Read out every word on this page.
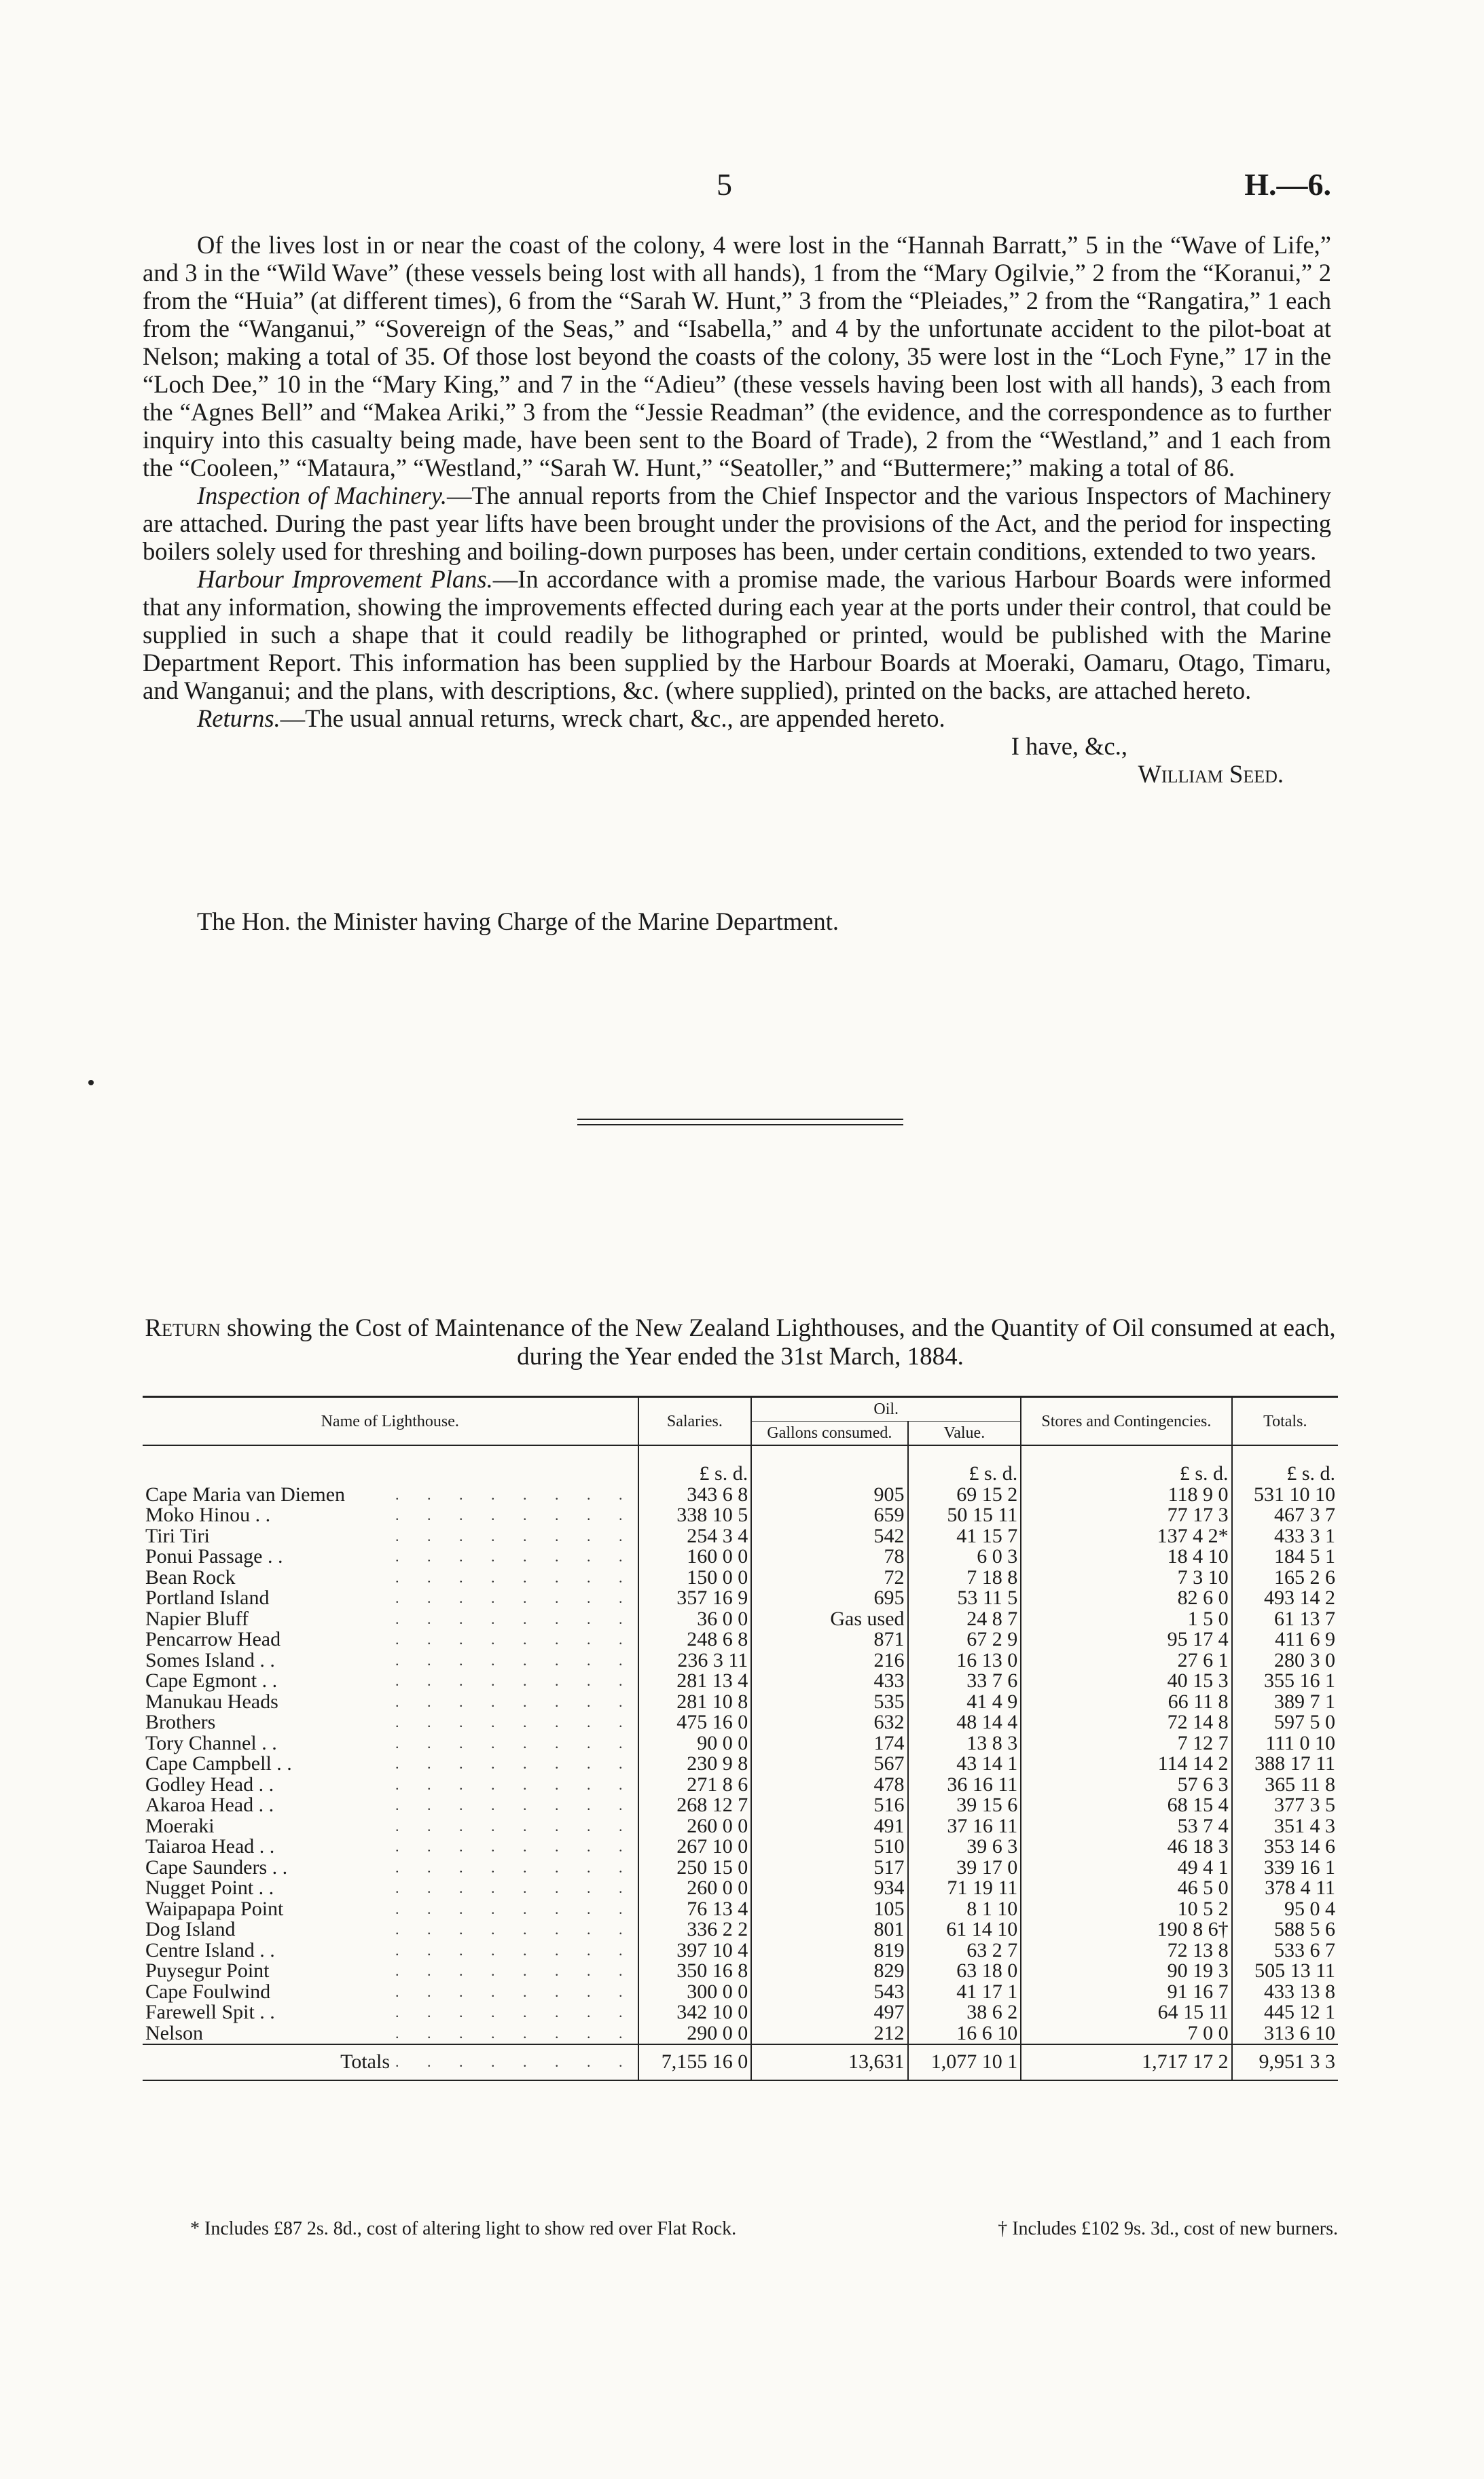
5	H.—6.

Of the lives lost in or near the coast of the colony, 4 were lost in the “Hannah Barratt,” 5 in the “Wave of Life,” and 3 in the “Wild Wave” (these vessels being lost with all hands), 1 from the “Mary Ogilvie,” 2 from the “Koranui,” 2 from the “Huia” (at different times), 6 from the “Sarah W. Hunt,” 3 from the “Pleiades,” 2 from the “Rangatira,” 1 each from the “Wanganui,” “Sovereign of the Seas,” and “Isabella,” and 4 by the unfortunate accident to the pilot-boat at Nelson; making a total of 35. Of those lost beyond the coasts of the colony, 35 were lost in the “Loch Fyne,” 17 in the “Loch Dee,” 10 in the “Mary King,” and 7 in the “Adieu” (these vessels having been lost with all hands), 3 each from the “Agnes Bell” and “Makea Ariki,” 3 from the “Jessie Readman” (the evidence, and the correspondence as to further inquiry into this casualty being made, have been sent to the Board of Trade), 2 from the “Westland,” and 1 each from the “Cooleen,” “Mataura,” “Westland,” “Sarah W. Hunt,” “Seatoller,” and “Buttermere;” making a total of 86.

Inspection of Machinery.—The annual reports from the Chief Inspector and the various Inspectors of Machinery are attached. During the past year lifts have been brought under the provisions of the Act, and the period for inspecting boilers solely used for threshing and boiling-down purposes has been, under certain conditions, extended to two years.

Harbour Improvement Plans.—In accordance with a promise made, the various Harbour Boards were informed that any information, showing the improvements effected during each year at the ports under their control, that could be supplied in such a shape that it could readily be lithographed or printed, would be published with the Marine Department Report. This information has been supplied by the Harbour Boards at Moeraki, Oamaru, Otago, Timaru, and Wanganui; and the plans, with descriptions, &c. (where supplied), printed on the backs, are attached hereto.

Returns.—The usual annual returns, wreck chart, &c., are appended hereto.

I have, &c.,

William Seed.

The Hon. the Minister having Charge of the Marine Department.
Return showing the Cost of Maintenance of the New Zealand Lighthouses, and the Quantity of Oil consumed at each, during the Year ended the 31st March, 1884.
Name of Lighthouse.		Salaries.	Oil.		Stores and Contingencies.	Totals.
			Gallons consumed.	Value.		
		£ s. d.		£ s. d.	£ s. d.	£ s. d.
Cape Maria van Diemen	. . . . . . . .	343 6 8	905	69 15 2	118 9 0	531 10 10
Moko Hinou . .	. . . . . . . .	338 10 5	659	50 15 11	77 17 3	467 3 7
Tiri Tiri	. . . . . . . .	254 3 4	542	41 15 7	137 4 2*	433 3 1
Ponui Passage . .	. . . . . . . .	160 0 0	78	6 0 3	18 4 10	184 5 1
Bean Rock	. . . . . . . .	150 0 0	72	7 18 8	7 3 10	165 2 6
Portland Island	. . . . . . . .	357 16 9	695	53 11 5	82 6 0	493 14 2
Napier Bluff	. . . . . . . .	36 0 0	Gas used	24 8 7	1 5 0	61 13 7
Pencarrow Head	. . . . . . . .	248 6 8	871	67 2 9	95 17 4	411 6 9
Somes Island . .	. . . . . . . .	236 3 11	216	16 13 0	27 6 1	280 3 0
Cape Egmont . .	. . . . . . . .	281 13 4	433	33 7 6	40 15 3	355 16 1
Manukau Heads	. . . . . . . .	281 10 8	535	41 4 9	66 11 8	389 7 1
Brothers	. . . . . . . .	475 16 0	632	48 14 4	72 14 8	597 5 0
Tory Channel . .	. . . . . . . .	90 0 0	174	13 8 3	7 12 7	111 0 10
Cape Campbell . .	. . . . . . . .	230 9 8	567	43 14 1	114 14 2	388 17 11
Godley Head . .	. . . . . . . .	271 8 6	478	36 16 11	57 6 3	365 11 8
Akaroa Head . .	. . . . . . . .	268 12 7	516	39 15 6	68 15 4	377 3 5
Moeraki	. . . . . . . .	260 0 0	491	37 16 11	53 7 4	351 4 3
Taiaroa Head . .	. . . . . . . .	267 10 0	510	39 6 3	46 18 3	353 14 6
Cape Saunders . .	. . . . . . . .	250 15 0	517	39 17 0	49 4 1	339 16 1
Nugget Point . .	. . . . . . . .	260 0 0	934	71 19 11	46 5 0	378 4 11
Waipapapa Point	. . . . . . . .	76 13 4	105	8 1 10	10 5 2	95 0 4
Dog Island	. . . . . . . .	336 2 2	801	61 14 10	190 8 6†	588 5 6
Centre Island . .	. . . . . . . .	397 10 4	819	63 2 7	72 13 8	533 6 7
Puysegur Point	. . . . . . . .	350 16 8	829	63 18 0	90 19 3	505 13 11
Cape Foulwind	. . . . . . . .	300 0 0	543	41 17 1	91 16 7	433 13 8
Farewell Spit . .	. . . . . . . .	342 10 0	497	38 6 2	64 15 11	445 12 1
Nelson	. . . . . . . .	290 0 0	212	16 6 10	7 0 0	313 6 10
Totals	. . . . . . . .	7,155 16 0	13,631	1,077 10 1	1,717 17 2	9,951 3 3
† Includes £102 9s. 3d., cost of new burners.
* Includes £87 2s. 8d., cost of altering light to show red over Flat Rock.
